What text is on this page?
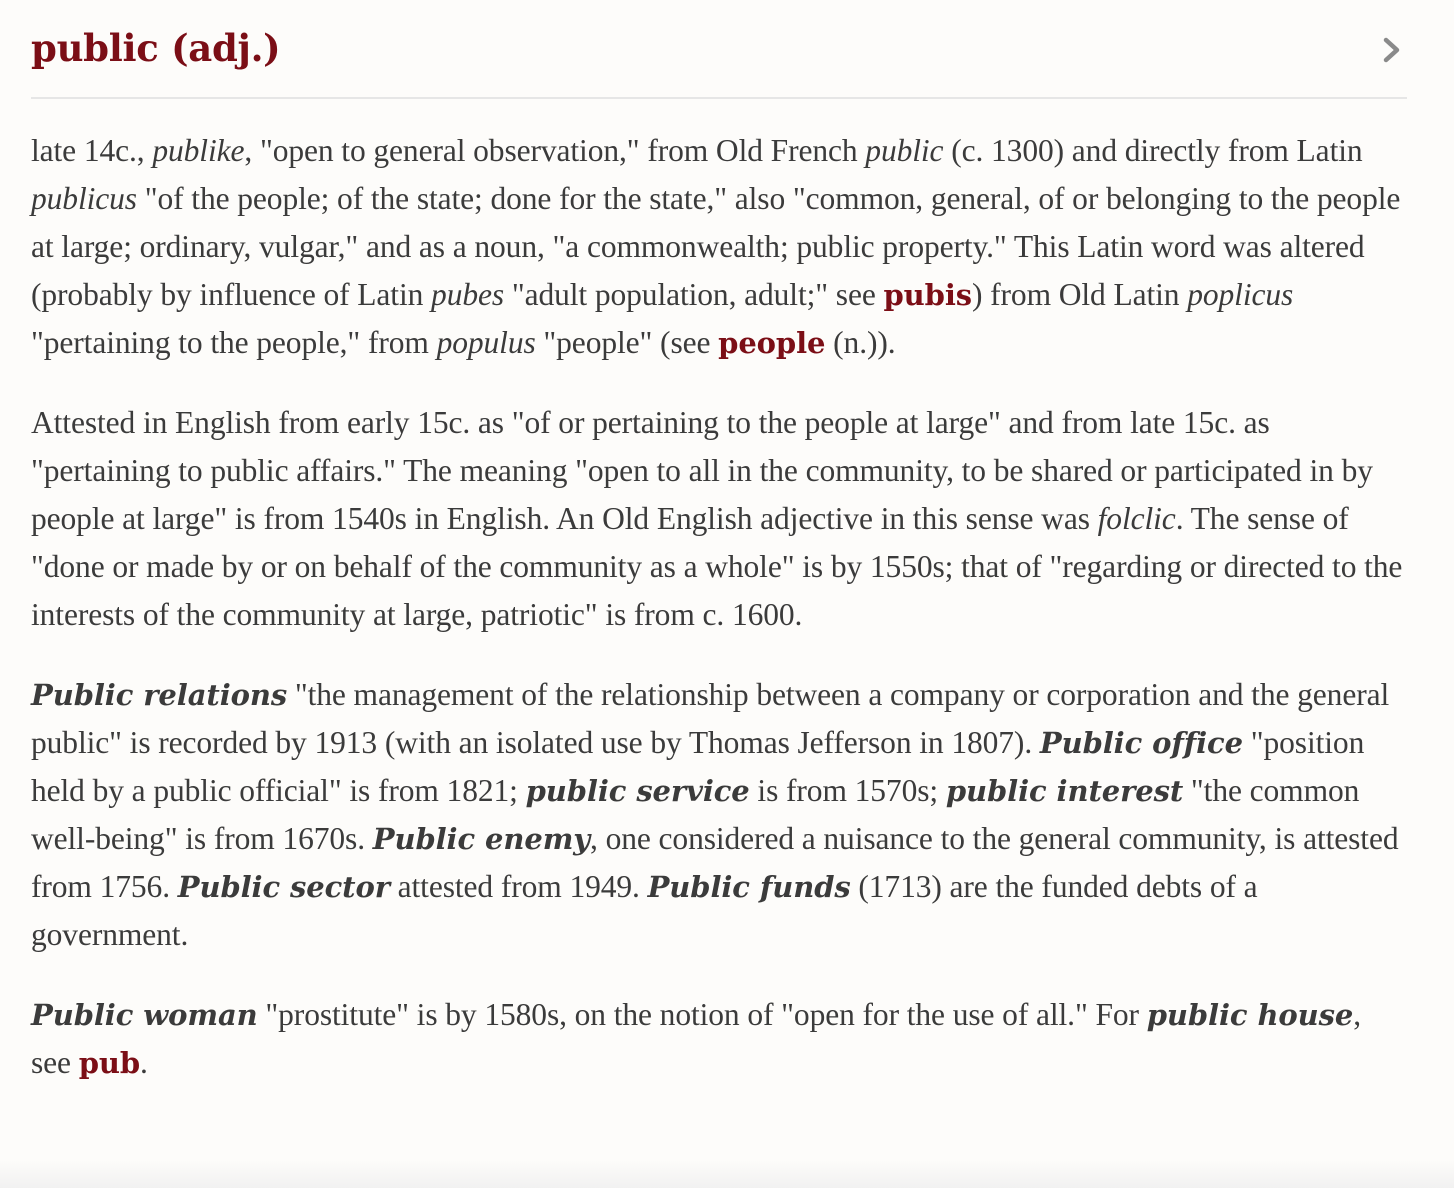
public (adj.)

late 14c., publike, "open to general observation," from Old French public (c. 1300) and directly from Latin publicus "of the people; of the state; done for the state," also "common, general, of or belonging to the people at large; ordinary, vulgar," and as a noun, "a commonwealth; public property." This Latin word was altered (probably by influence of Latin pubes "adult population, adult;" see pubis) from Old Latin poplicus "pertaining to the people," from populus "people" (see people (n.)).

Attested in English from early 15c. as "of or pertaining to the people at large" and from late 15c. as "pertaining to public affairs." The meaning "open to all in the community, to be shared or participated in by people at large" is from 1540s in English. An Old English adjective in this sense was folclic. The sense of "done or made by or on behalf of the community as a whole" is by 1550s; that of "regarding or directed to the interests of the community at large, patriotic" is from c. 1600.

Public relations "the management of the relationship between a company or corporation and the general public" is recorded by 1913 (with an isolated use by Thomas Jefferson in 1807). Public office "position held by a public official" is from 1821; public service is from 1570s; public interest "the common well-being" is from 1670s. Public enemy, one considered a nuisance to the general community, is attested from 1756. Public sector attested from 1949. Public funds (1713) are the funded debts of a government.

Public woman "prostitute" is by 1580s, on the notion of "open for the use of all." For public house, see pub.
